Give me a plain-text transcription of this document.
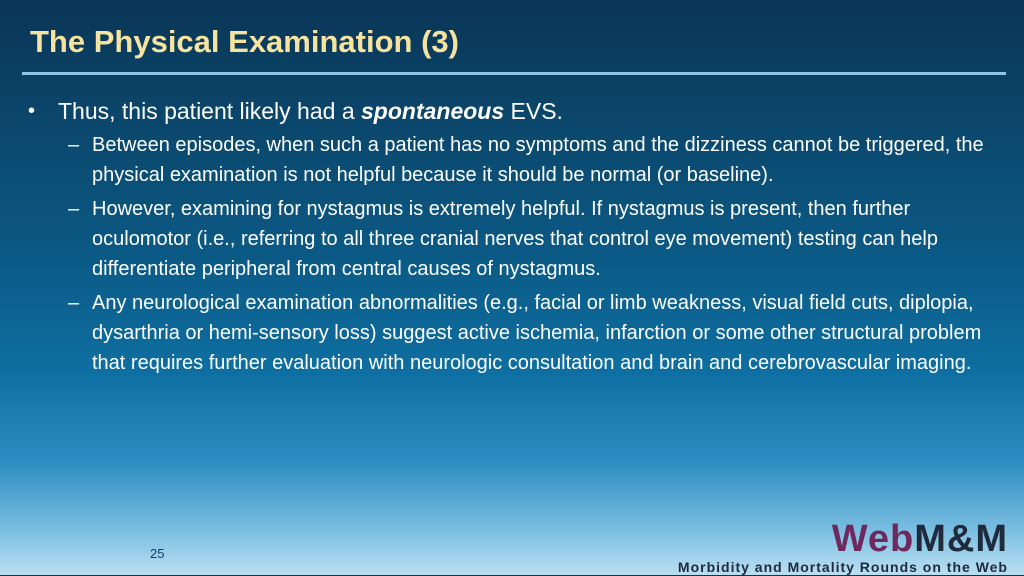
The Physical Examination (3)
• Thus, this patient likely had a spontaneous EVS.
– Between episodes, when such a patient has no symptoms and the dizziness cannot be triggered, the physical examination is not helpful because it should be normal (or baseline).
– However, examining for nystagmus is extremely helpful. If nystagmus is present, then further oculomotor (i.e., referring to all three cranial nerves that control eye movement) testing can help differentiate peripheral from central causes of nystagmus.
– Any neurological examination abnormalities (e.g., facial or limb weakness, visual field cuts, diplopia, dysarthria or hemi-sensory loss) suggest active ischemia, infarction or some other structural problem that requires further evaluation with neurologic consultation and brain and cerebrovascular imaging.
25	WebM&M
Morbidity and Mortality Rounds on the Web
